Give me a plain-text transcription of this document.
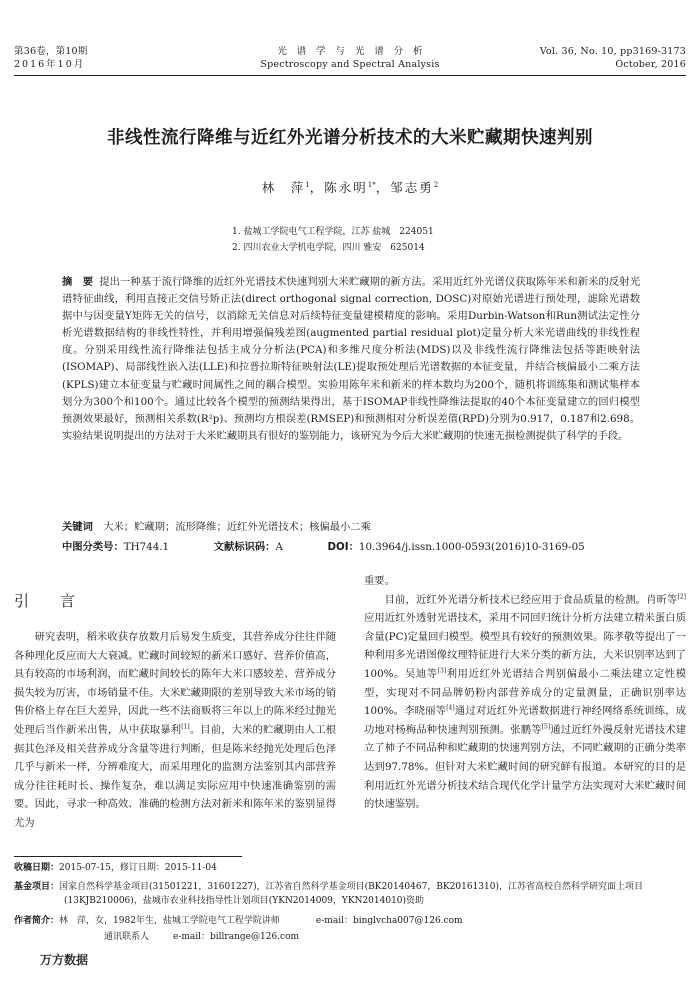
第36卷，第10期
2016年10月
光　谱　学　与　光　谱　分　析
Spectroscopy and Spectral Analysis
Vol. 36, No. 10, pp3169-3173
October, 2016
非线性流行降维与近红外光谱分析技术的大米贮藏期快速判别
林　萍$^1$，陈永明$^{1*}$，邹志勇$^2$
1. 盐城工学院电气工程学院，江苏 盐城　224051
2. 四川农业大学机电学院，四川 雅安　625014
摘　要 提出一种基于流行降维的近红外光谱技术快速判别大米贮藏期的新方法。采用近红外光谱仪获取陈年米和新米的反射光谱特征曲线，利用直接正交信号矫正法(direct orthogonal signal correction, DOSC)对原始光谱进行预处理，滤除光谱数据中与因变量Y矩阵无关的信号，以消除无关信息对后续特征变量建模精度的影响。采用Durbin-Watson和Run测试法定性分析光谱数据结构的非线性特性，并利用增强偏残差图(augmented partial residual plot)定量分析大米光谱曲线的非线性程度。分别采用线性流行降维法包括主成分分析法(PCA)和多维尺度分析法(MDS)以及非线性流行降维法包括等距映射法(ISOMAP)、局部线性嵌入法(LLE)和拉普拉斯特征映射法(LE)提取预处理后光谱数据的本征变量，并结合核偏最小二乘方法(KPLS)建立本征变量与贮藏时间属性之间的耦合模型。实验用陈年米和新米的样本数均为200个，随机将训练集和测试集样本划分为300个和100个。通过比较各个模型的预测结果得出，基于ISOMAP非线性降维法提取的40个本征变量建立的回归模型预测效果最好，预测相关系数(R²p)、预测均方根误差(RMSEP)和预测相对分析误差值(RPD)分别为0.917，0.187和2.698。实验结果说明提出的方法对于大米贮藏期具有很好的鉴别能力，该研究为今后大米贮藏期的快速无损检测提供了科学的手段。
关键词　 大米；贮藏期；流形降维；近红外光谱技术；核偏最小二乘
中图分类号：TH744.1	文献标识码：A	DOI：10.3964/j.issn.1000-0593(2016)10-3169-05
引　言

研究表明，稻米收获存放数月后易发生质变，其营养成分往往伴随各种理化反应而大大衰减。贮藏时间较短的新米口感好、营养价值高，具有较高的市场利润，而贮藏时间较长的陈年大米口感较差、营养成分损失较为厉害，市场销量不佳。大米贮藏期限的差别导致大米市场的销售价格上存在巨大差异，因此一些不法商贩将三年以上的陈米经过抛光处理后当作新米出售，从中获取暴利[1]。目前，大米的贮藏期由人工根据其色泽及相关营养成分含量等进行判断，但是陈米经抛光处理后色泽几乎与新米一样，分辨难度大，而采用理化的监测方法鉴别其内部营养成分往往耗时长、操作复杂，难以满足实际应用中快速准确鉴别的需要。因此，寻求一种高效、准确的检测方法对新米和陈年米的鉴别显得尤为

重要。

目前，近红外光谱分析技术已经应用于食品质量的检测。肖昕等[2]应用近红外透射光谱技术，采用不同回归统计分析方法建立精米蛋白质含量(PC)定量回归模型。模型具有较好的预测效果。陈孝敬等提出了一种利用多光谱图像纹理特征进行大米分类的新方法，大米识别率达到了100%。吴迪等[3]利用近红外光谱结合判别偏最小二乘法建立定性模型，实现对不同品牌奶粉内部营养成分的定量测量，正确识别率达100%。李晓丽等[4]通过对近红外光谱数据进行神经网络系统训练，成功地对杨梅品种快速判别预测。张鹏等[5]通过近红外漫反射光谱技术建立了柿子不同品种和贮藏期的快速判别方法，不同贮藏期的正确分类率达到97.78%。但针对大米贮藏时间的研究鲜有报道。本研究的目的是利用近红外光谱分析技术结合现代化学计量学方法实现对大米贮藏时间的快速鉴别。

收稿日期：2015-07-15，修订日期：2015-11-04
基金项目：国家自然科学基金项目(31501221，31601227)，江苏省自然科学基金项目(BK20140467，BK20161310)，江苏省高校自然科学研究面上项目(13KJB210006)，盐城市农业科技指导性计划项目(YKN2014009，YKN2014010)资助
作者简介：林　萍，女，1982年生，盐城工学院电气工程学院讲师	e-mail：binglvcha007@126.com
通讯联系人	e-mail：billrange@126.com
万方数据
